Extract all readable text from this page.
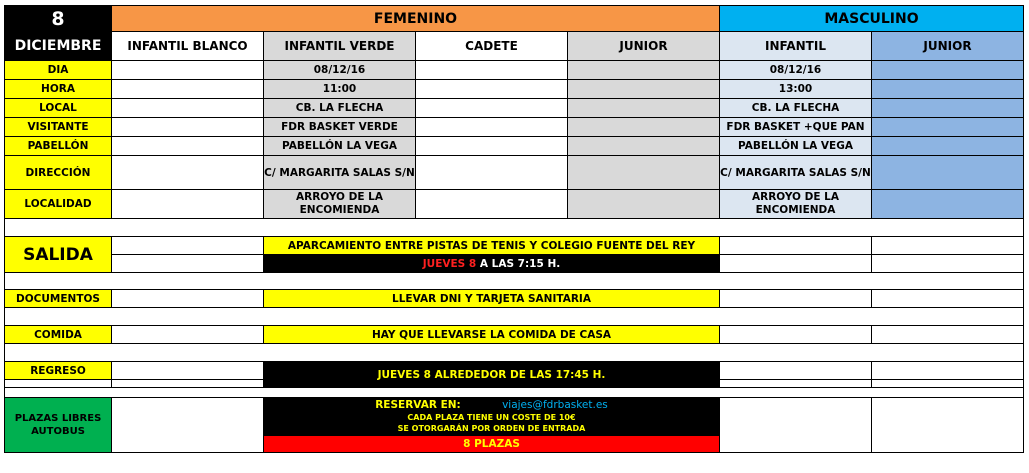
8	FEMENINO				MASCULINO	
DICIEMBRE	INFANTIL BLANCO	INFANTIL VERDE	CADETE	JUNIOR	INFANTIL	JUNIOR
DIA		08/12/16			08/12/16	
HORA		11:00			13:00	
LOCAL		CB. LA FLECHA			CB. LA FLECHA	
VISITANTE		FDR BASKET VERDE			FDR BASKET +QUE PAN	
PABELLÓN		PABELLÓN LA VEGA			PABELLÓN LA VEGA	
DIRECCIÓN		C/ MARGARITA SALAS S/N			C/ MARGARITA SALAS S/N	
LOCALIDAD		ARROYO DE LA ENCOMIENDA			ARROYO DE LA ENCOMIENDA	

SALIDA		APARCAMIENTO ENTRE PISTAS DE TENIS Y COLEGIO FUENTE DEL REY				
		JUEVES 8 A LAS 7:15 H.				

DOCUMENTOS		LLEVAR DNI Y TARJETA SANITARIA				

COMIDA		HAY QUE LLEVARSE LA COMIDA DE CASA				

REGRESO		JUEVES 8 ALREDEDOR DE LAS 17:45 H.				

PLAZAS LIBRES AUTOBUS		RESERVAR EN: viajes@fdrbasket.es
CADA PLAZA TIENE UN COSTE DE 10€
SE OTORGARÁN POR ORDEN DE ENTRADA				

		8 PLAZAS				
